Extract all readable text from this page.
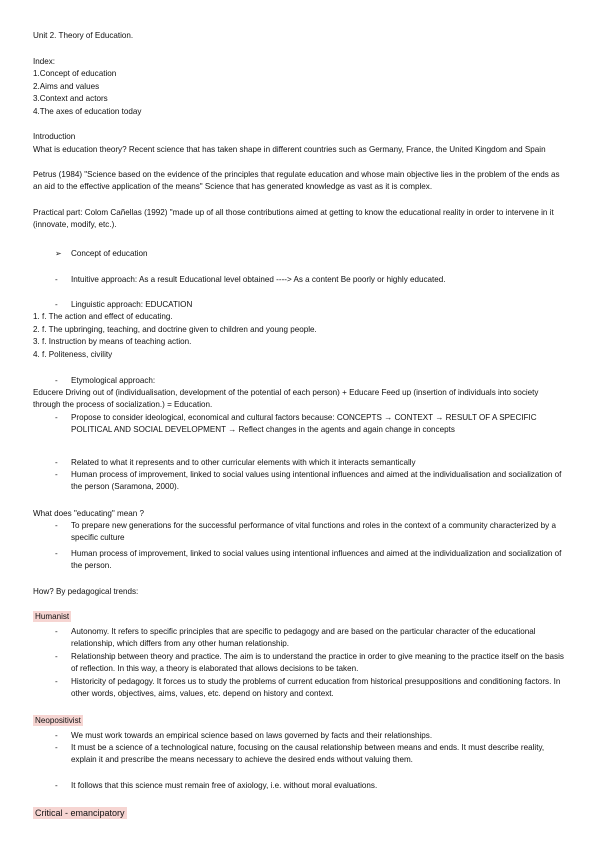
Unit 2. Theory of Education.
Index:
1.Concept of education
2.Aims and values
3.Context and actors
4.The axes of education today
Introduction
What is education theory? Recent science that has taken shape in different countries such as Germany, France, the United Kingdom and Spain
Petrus (1984) "Science based on the evidence of the principles that regulate education and whose main objective lies in the problem of the ends as an aid to the effective application of the means" Science that has generated knowledge as vast as it is complex.
Practical part: Colom Cañellas (1992) "made up of all those contributions aimed at getting to know the educational reality in order to intervene in it (innovate, modify, etc.).
➢ Concept of education
- Intuitive approach: As a result Educational level obtained ----> As a content Be poorly or highly educated.
- Linguistic approach: EDUCATION
1. f. The action and effect of educating.
2. f. The upbringing, teaching, and doctrine given to children and young people.
3. f. Instruction by means of teaching action.
4. f. Politeness, civility
- Etymological approach:
Educere Driving out of (individualisation, development of the potential of each person) + Educare Feed up (insertion of individuals into society through the process of socialization.) = Education.
- Propose to consider ideological, economical and cultural factors because: CONCEPTS → CONTEXT → RESULT OF A SPECIFIC POLITICAL AND SOCIAL DEVELOPMENT → Reflect changes in the agents and again change in concepts
- Related to what it represents and to other curricular elements with which it interacts semantically
- Human process of improvement, linked to social values using intentional influences and aimed at the individualisation and socialization of the person (Saramona, 2000).
What does "educating" mean ?
- To prepare new generations for the successful performance of vital functions and roles in the context of a community characterized by a specific culture
- Human process of improvement, linked to social values using intentional influences and aimed at the individualization and socialization of the person.
How? By pedagogical trends:
Humanist
- Autonomy. It refers to specific principles that are specific to pedagogy and are based on the particular character of the educational relationship, which differs from any other human relationship.
- Relationship between theory and practice. The aim is to understand the practice in order to give meaning to the practice itself on the basis of reflection. In this way, a theory is elaborated that allows decisions to be taken.
- Historicity of pedagogy. It forces us to study the problems of current education from historical presuppositions and conditioning factors. In other words, objectives, aims, values, etc. depend on history and context.
Neopositivist
- We must work towards an empirical science based on laws governed by facts and their relationships.
- It must be a science of a technological nature, focusing on the causal relationship between means and ends. It must describe reality, explain it and prescribe the means necessary to achieve the desired ends without valuing them.
- It follows that this science must remain free of axiology, i.e. without moral evaluations.
Critical - emancipatory
